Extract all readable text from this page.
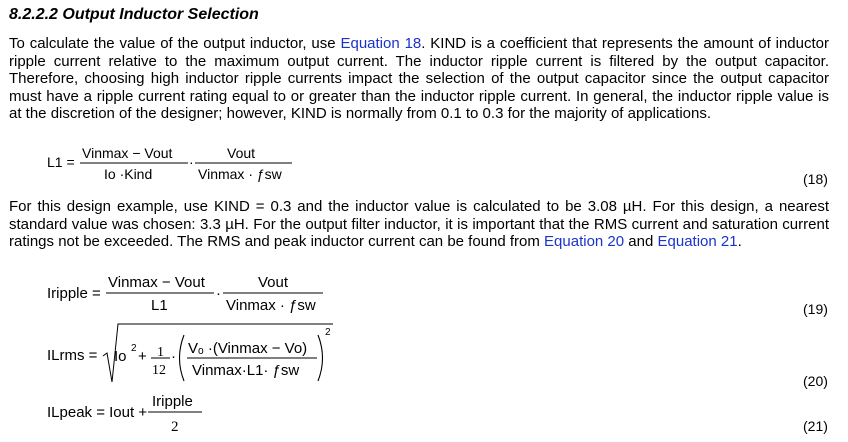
8.2.2.2 Output Inductor Selection

To calculate the value of the output inductor, use Equation 18. KIND is a coefficient that represents the amount of inductor ripple current relative to the maximum output current. The inductor ripple current is filtered by the output capacitor. Therefore, choosing high inductor ripple currents impact the selection of the output capacitor since the output capacitor must have a ripple current rating equal to or greater than the inductor ripple current. In general, the inductor ripple value is at the discretion of the designer; however, KIND is normally from 0.1 to 0.3 for the majority of applications.

For this design example, use KIND = 0.3 and the inductor value is calculated to be 3.08 µH. For this design, a nearest standard value was chosen: 3.3 µH. For the output filter inductor, it is important that the RMS current and saturation current ratings not be exceeded. The RMS and peak inductor current can be found from Equation 20 and Equation 21.

L1 =
Vinmax − Vout
Io ·Kind
·
Vout
Vinmax · ƒsw	(18)
Iripple =
Vinmax − Vout
L1
·
Vout
Vinmax · ƒsw	(19)
ILrms = Io 2 + 1
12
· Vₒ ·(Vinmax − Vo)
Vinmax·L1· ƒsw
2
(20)
ILpeak = Iout +
Iripple
2	(21)
